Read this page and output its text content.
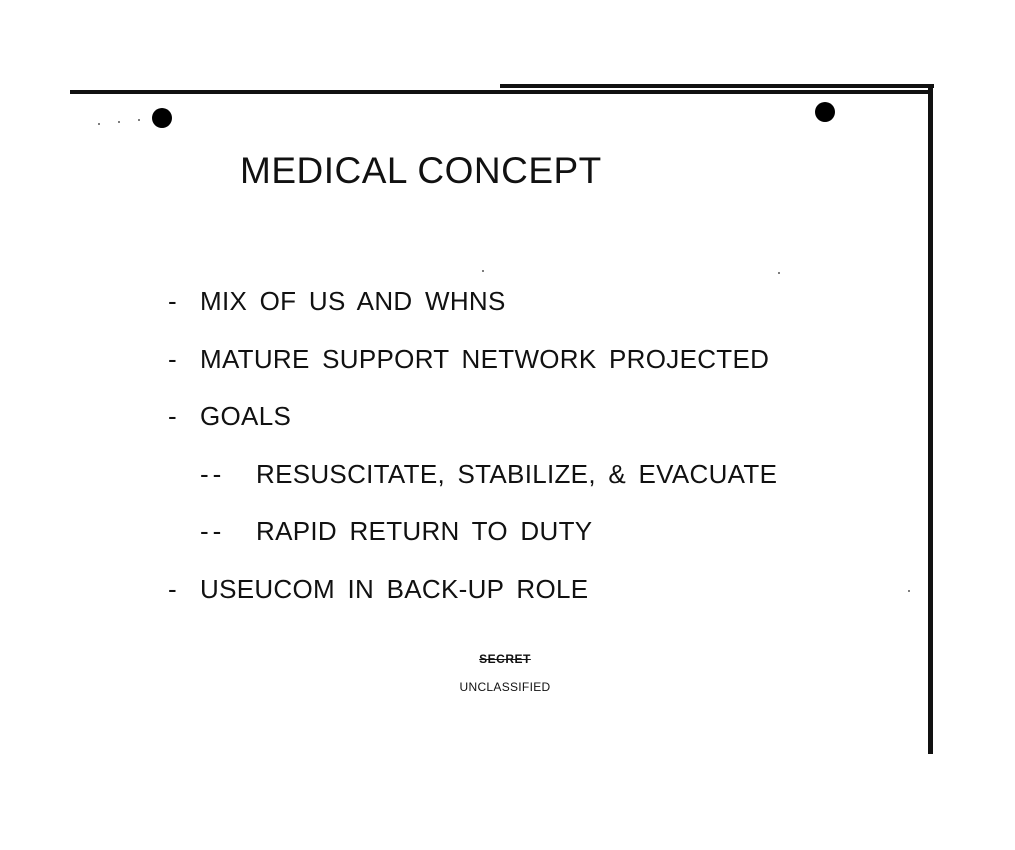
MEDICAL CONCEPT
- MIX OF US AND WHNS
- MATURE SUPPORT NETWORK PROJECTED
- GOALS
-- RESUSCITATE, STABILIZE, & EVACUATE
-- RAPID RETURN TO DUTY
- USEUCOM IN BACK-UP ROLE
SECRET
UNCLASSIFIED
